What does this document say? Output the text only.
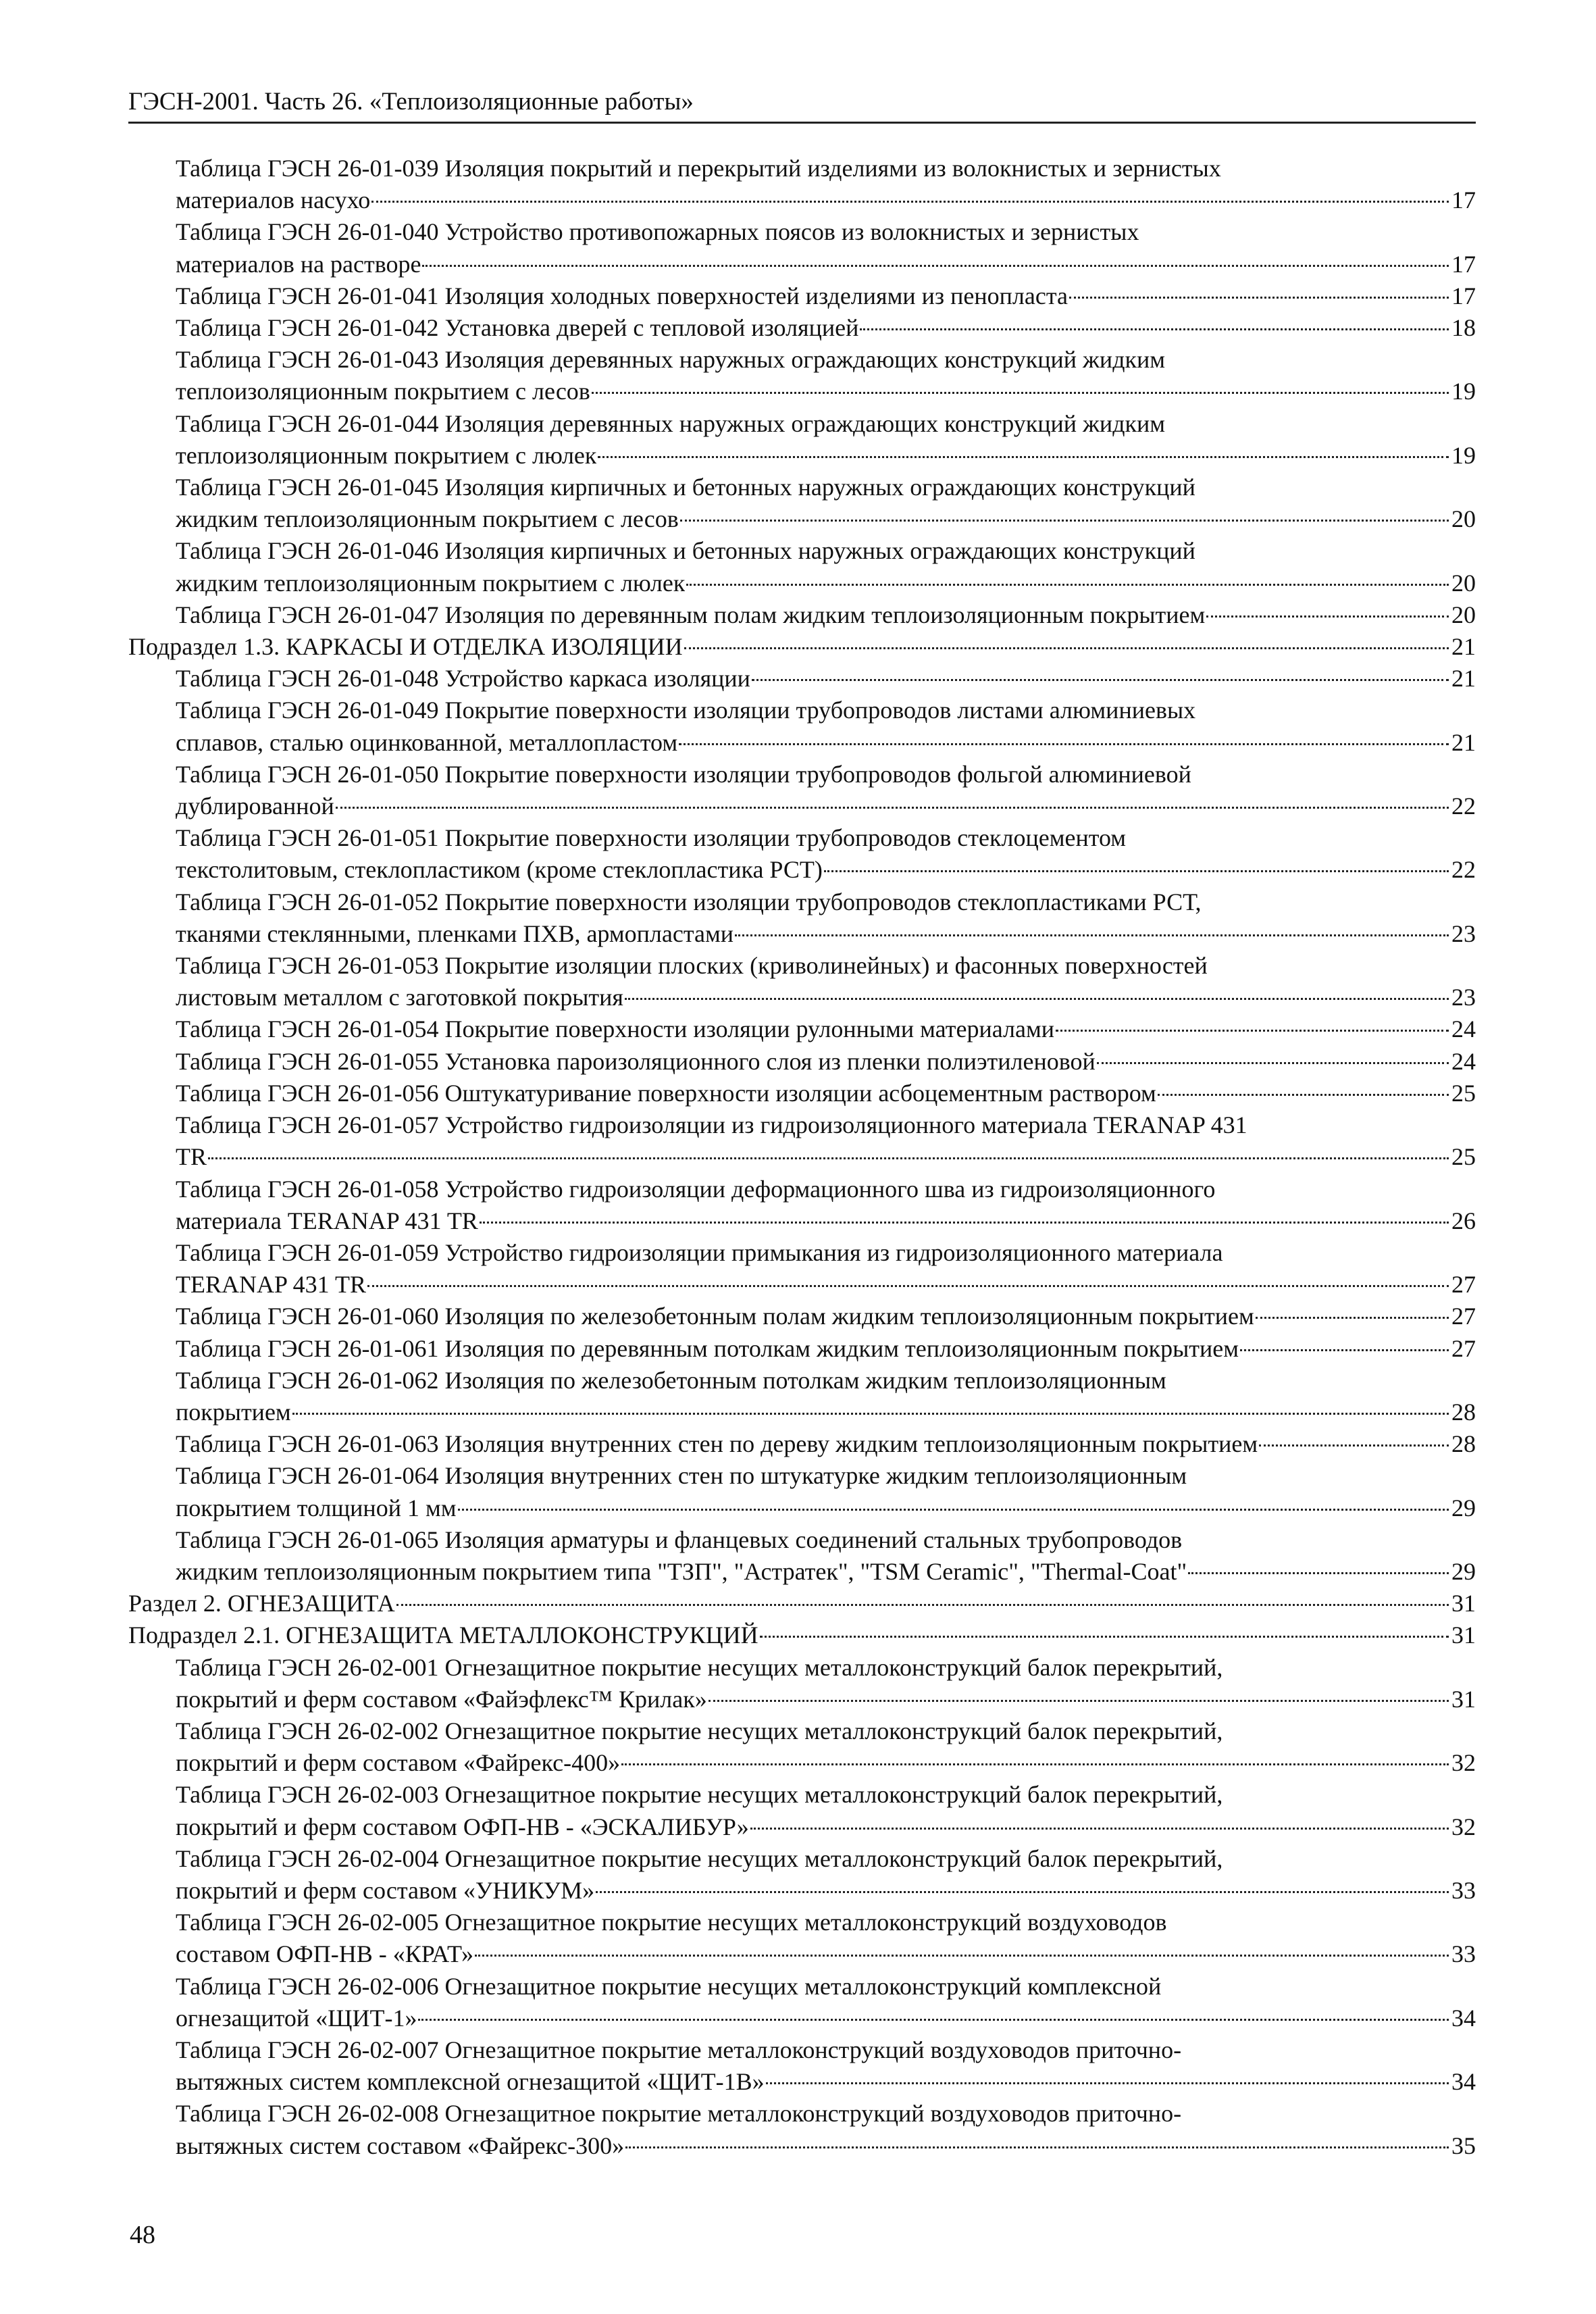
ГЭСН-2001. Часть 26. «Теплоизоляционные работы»
Таблица ГЭСН 26-01-039 Изоляция покрытий и перекрытий изделиями из волокнистых и зернистых
материалов насухо	17
Таблица ГЭСН 26-01-040 Устройство противопожарных поясов из волокнистых и зернистых
материалов на растворе	17
Таблица ГЭСН 26-01-041 Изоляция холодных поверхностей изделиями из пенопласта	17
Таблица ГЭСН 26-01-042 Установка дверей с тепловой изоляцией	18
Таблица ГЭСН 26-01-043 Изоляция деревянных наружных ограждающих конструкций жидким
теплоизоляционным покрытием с лесов	19
Таблица ГЭСН 26-01-044 Изоляция деревянных наружных ограждающих конструкций жидким
теплоизоляционным покрытием с люлек	19
Таблица ГЭСН 26-01-045 Изоляция кирпичных и бетонных наружных ограждающих конструкций
жидким теплоизоляционным покрытием с лесов	20
Таблица ГЭСН 26-01-046 Изоляция кирпичных и бетонных наружных ограждающих конструкций
жидким теплоизоляционным покрытием с люлек	20
Таблица ГЭСН 26-01-047 Изоляция по деревянным полам жидким теплоизоляционным покрытием	20
Подраздел 1.3. КАРКАСЫ И ОТДЕЛКА ИЗОЛЯЦИИ	21
Таблица ГЭСН 26-01-048 Устройство каркаса изоляции	21
Таблица ГЭСН 26-01-049 Покрытие поверхности изоляции трубопроводов листами алюминиевых
сплавов, сталью оцинкованной, металлопластом	21
Таблица ГЭСН 26-01-050 Покрытие поверхности изоляции трубопроводов фольгой алюминиевой
дублированной	22
Таблица ГЭСН 26-01-051 Покрытие поверхности изоляции трубопроводов стеклоцементом
текстолитовым, стеклопластиком (кроме стеклопластика РСТ)	22
Таблица ГЭСН 26-01-052 Покрытие поверхности изоляции трубопроводов стеклопластиками РСТ,
тканями стеклянными, пленками ПХВ, армопластами	23
Таблица ГЭСН 26-01-053 Покрытие изоляции плоских (криволинейных) и фасонных поверхностей
листовым металлом с заготовкой покрытия	23
Таблица ГЭСН 26-01-054 Покрытие поверхности изоляции рулонными материалами	24
Таблица ГЭСН 26-01-055 Установка пароизоляционного слоя из пленки полиэтиленовой	24
Таблица ГЭСН 26-01-056 Оштукатуривание поверхности изоляции асбоцементным раствором	25
Таблица ГЭСН 26-01-057 Устройство гидроизоляции из гидроизоляционного материала TERANAP 431
TR	25
Таблица ГЭСН 26-01-058 Устройство гидроизоляции деформационного шва из гидроизоляционного
материала TERANAP 431 TR	26
Таблица ГЭСН 26-01-059 Устройство гидроизоляции примыкания из гидроизоляционного материала
TERANAP 431 TR	27
Таблица ГЭСН 26-01-060 Изоляция по железобетонным полам жидким теплоизоляционным покрытием	27
Таблица ГЭСН 26-01-061 Изоляция по деревянным потолкам жидким теплоизоляционным покрытием	27
Таблица ГЭСН 26-01-062 Изоляция по железобетонным потолкам жидким теплоизоляционным
покрытием	28
Таблица ГЭСН 26-01-063 Изоляция внутренних стен по дереву жидким теплоизоляционным покрытием	28
Таблица ГЭСН 26-01-064 Изоляция внутренних стен по штукатурке жидким теплоизоляционным
покрытием толщиной 1 мм	29
Таблица ГЭСН 26-01-065 Изоляция арматуры и фланцевых соединений стальных трубопроводов
жидким теплоизоляционным покрытием типа "ТЗП", "Астратек", "TSM Ceramic", "Thermal-Coat"	29
Раздел 2. ОГНЕЗАЩИТА	31
Подраздел 2.1. ОГНЕЗАЩИТА МЕТАЛЛОКОНСТРУКЦИЙ	31
Таблица ГЭСН 26-02-001 Огнезащитное покрытие несущих металлоконструкций балок перекрытий,
покрытий и ферм составом «Файэфлекс™ Крилак»	31
Таблица ГЭСН 26-02-002 Огнезащитное покрытие несущих металлоконструкций балок перекрытий,
покрытий и ферм составом «Файрекс-400»	32
Таблица ГЭСН 26-02-003 Огнезащитное покрытие несущих металлоконструкций балок перекрытий,
покрытий и ферм составом ОФП-НВ - «ЭСКАЛИБУР»	32
Таблица ГЭСН 26-02-004 Огнезащитное покрытие несущих металлоконструкций балок перекрытий,
покрытий и ферм составом «УНИКУМ»	33
Таблица ГЭСН 26-02-005 Огнезащитное покрытие несущих металлоконструкций воздуховодов
составом ОФП-НВ - «КРАТ»	33
Таблица ГЭСН 26-02-006 Огнезащитное покрытие несущих металлоконструкций комплексной
огнезащитой «ЩИТ-1»	34
Таблица ГЭСН 26-02-007 Огнезащитное покрытие металлоконструкций воздуховодов приточно-
вытяжных систем комплексной огнезащитой «ЩИТ-1В»	34
Таблица ГЭСН 26-02-008 Огнезащитное покрытие металлоконструкций воздуховодов приточно-
вытяжных систем составом «Файрекс-300»	35
48
